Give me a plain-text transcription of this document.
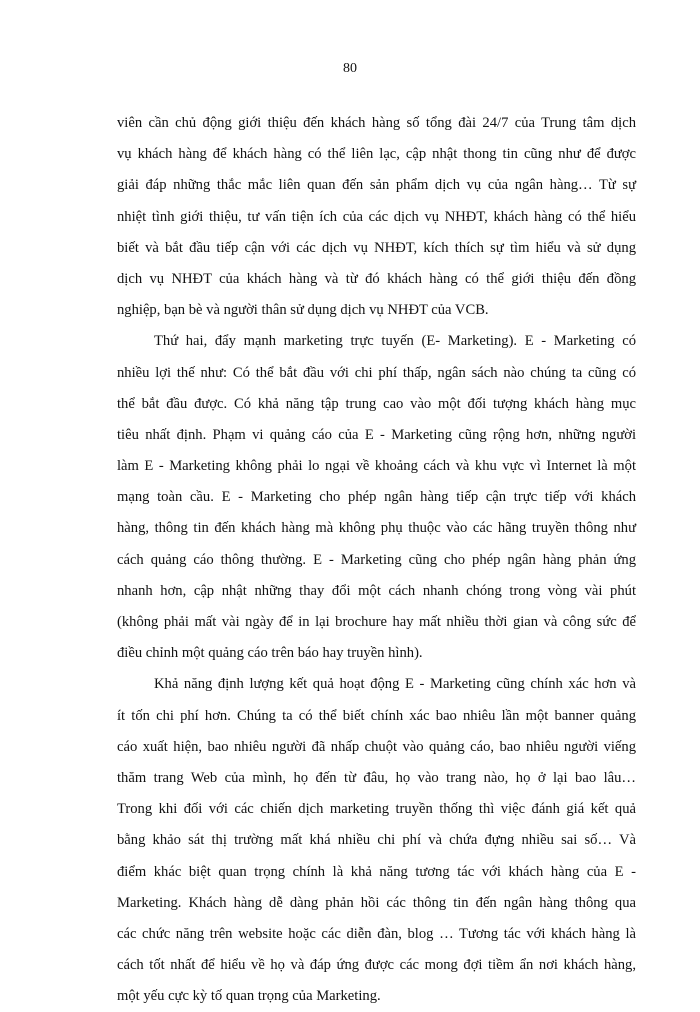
80
viên cần chủ động giới thiệu đến khách hàng số tổng đài 24/7 của Trung tâm dịch
vụ khách hàng để khách hàng có thể liên lạc, cập nhật thong tin cũng như để được
giải đáp những thắc mắc liên quan đến sản phẩm dịch vụ của ngân hàng… Từ sự
nhiệt tình giới thiệu, tư vấn tiện ích của các dịch vụ NHĐT, khách hàng có thể hiểu
biết và bắt đầu tiếp cận với các dịch vụ NHĐT, kích thích sự tìm hiểu và sử dụng
dịch vụ NHĐT của khách hàng và từ đó khách hàng có thể giới thiệu đến đồng
nghiệp, bạn bè và người thân sử dụng dịch vụ NHĐT của VCB.
Thứ hai, đẩy mạnh marketing trực tuyến (E- Marketing). E - Marketing có
nhiều lợi thế như: Có thể bắt đầu với chi phí thấp, ngân sách nào chúng ta cũng có
thể bắt đầu được. Có khả năng tập trung cao vào một đối tượng khách hàng mục
tiêu nhất định. Phạm vi quảng cáo của E - Marketing cũng rộng hơn, những người
làm E - Marketing không phải lo ngại về khoảng cách và khu vực vì Internet là một
mạng toàn cầu. E - Marketing cho phép ngân hàng tiếp cận trực tiếp với khách
hàng, thông tin đến khách hàng mà không phụ thuộc vào các hãng truyền thông như
cách quảng cáo thông thường. E - Marketing cũng cho phép ngân hàng phản ứng
nhanh hơn, cập nhật những thay đổi một cách nhanh chóng trong vòng vài phút
(không phải mất vài ngày để in lại brochure hay mất nhiều thời gian và công sức để
điều chỉnh một quảng cáo trên báo hay truyền hình).
Khả năng định lượng kết quả hoạt động E - Marketing cũng chính xác hơn và
ít tốn chi phí hơn. Chúng ta có thể biết chính xác bao nhiêu lần một banner quảng
cáo xuất hiện, bao nhiêu người đã nhấp chuột vào quảng cáo, bao nhiêu người viếng
thăm trang Web của mình, họ đến từ đâu, họ vào trang nào, họ ở lại bao lâu…
Trong khi đối với các chiến dịch marketing truyền thống thì việc đánh giá kết quả
bằng khảo sát thị trường mất khá nhiều chi phí và chứa đựng nhiều sai số… Và
điểm khác biệt quan trọng chính là khả năng tương tác với khách hàng của E -
Marketing. Khách hàng dễ dàng phản hồi các thông tin đến ngân hàng thông qua
các chức năng trên website hoặc các diễn đàn, blog … Tương tác với khách hàng là
cách tốt nhất để hiểu về họ và đáp ứng được các mong đợi tiềm ẩn nơi khách hàng,
một yếu cực kỳ tố quan trọng của Marketing.
